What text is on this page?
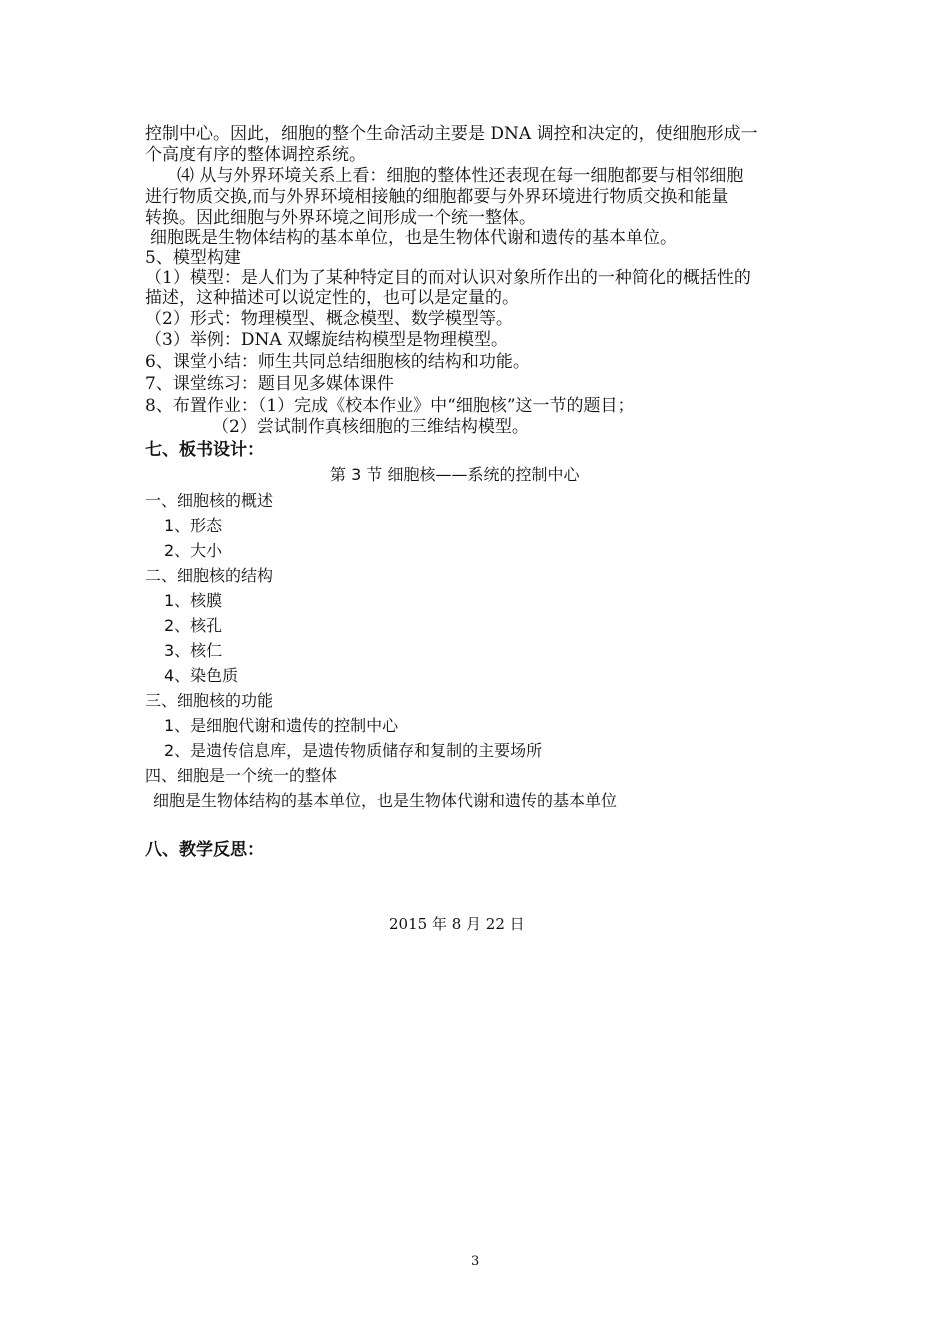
控制中心。因此，细胞的整个生命活动主要是 DNA 调控和决定的，使细胞形成一
个高度有序的整体调控系统。
⑷ 从与外界环境关系上看：细胞的整体性还表现在每一细胞都要与相邻细胞
进行物质交换,而与外界环境相接触的细胞都要与外界环境进行物质交换和能量
转换。因此细胞与外界环境之间形成一个统一整体。
细胞既是生物体结构的基本单位，也是生物体代谢和遗传的基本单位。
5、模型构建
（1）模型：是人们为了某种特定目的而对认识对象所作出的一种简化的概括性的
描述，这种描述可以说定性的，也可以是定量的。
（2）形式：物理模型、概念模型、数学模型等。
（3）举例：DNA 双螺旋结构模型是物理模型。
6、课堂小结：师生共同总结细胞核的结构和功能。
7、课堂练习：题目见多媒体课件
8、布置作业：（1）完成《校本作业》中“细胞核”这一节的题目；
（2）尝试制作真核细胞的三维结构模型。
七、板书设计：
第 3 节 细胞核——系统的控制中心
一、细胞核的概述
1、形态
2、大小
二、细胞核的结构
1、核膜
2、核孔
3、核仁
4、染色质
三、细胞核的功能
1、是细胞代谢和遗传的控制中心
2、是遗传信息库，是遗传物质储存和复制的主要场所
四、细胞是一个统一的整体
细胞是生物体结构的基本单位，也是生物体代谢和遗传的基本单位
八、教学反思：
2015 年 8 月 22 日
3
